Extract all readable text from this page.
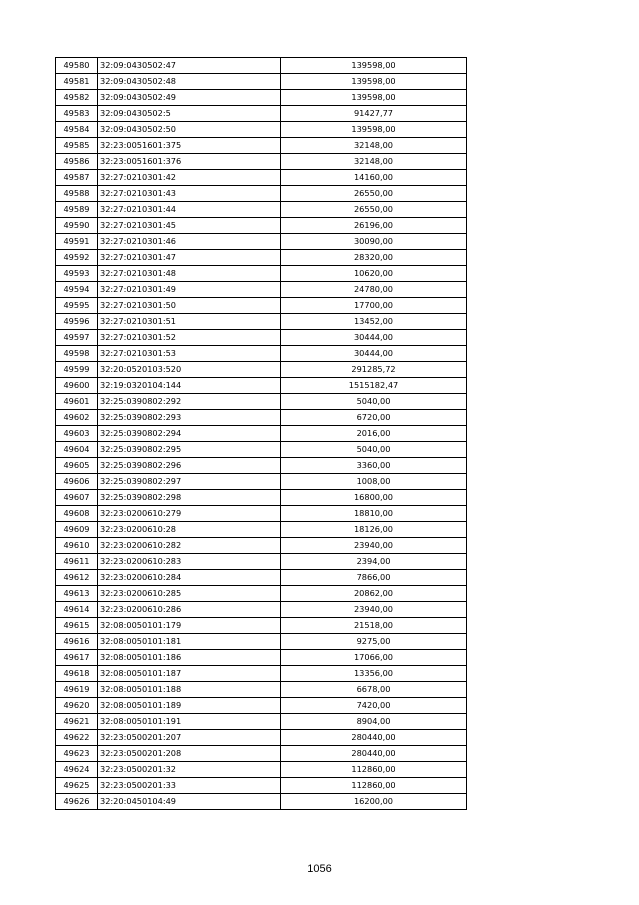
49580	32:09:0430502:47	139598,00
49581	32:09:0430502:48	139598,00
49582	32:09:0430502:49	139598,00
49583	32:09:0430502:5	91427,77
49584	32:09:0430502:50	139598,00
49585	32:23:0051601:375	32148,00
49586	32:23:0051601:376	32148,00
49587	32:27:0210301:42	14160,00
49588	32:27:0210301:43	26550,00
49589	32:27:0210301:44	26550,00
49590	32:27:0210301:45	26196,00
49591	32:27:0210301:46	30090,00
49592	32:27:0210301:47	28320,00
49593	32:27:0210301:48	10620,00
49594	32:27:0210301:49	24780,00
49595	32:27:0210301:50	17700,00
49596	32:27:0210301:51	13452,00
49597	32:27:0210301:52	30444,00
49598	32:27:0210301:53	30444,00
49599	32:20:0520103:520	291285,72
49600	32:19:0320104:144	1515182,47
49601	32:25:0390802:292	5040,00
49602	32:25:0390802:293	6720,00
49603	32:25:0390802:294	2016,00
49604	32:25:0390802:295	5040,00
49605	32:25:0390802:296	3360,00
49606	32:25:0390802:297	1008,00
49607	32:25:0390802:298	16800,00
49608	32:23:0200610:279	18810,00
49609	32:23:0200610:28	18126,00
49610	32:23:0200610:282	23940,00
49611	32:23:0200610:283	2394,00
49612	32:23:0200610:284	7866,00
49613	32:23:0200610:285	20862,00
49614	32:23:0200610:286	23940,00
49615	32:08:0050101:179	21518,00
49616	32:08:0050101:181	9275,00
49617	32:08:0050101:186	17066,00
49618	32:08:0050101:187	13356,00
49619	32:08:0050101:188	6678,00
49620	32:08:0050101:189	7420,00
49621	32:08:0050101:191	8904,00
49622	32:23:0500201:207	280440,00
49623	32:23:0500201:208	280440,00
49624	32:23:0500201:32	112860,00
49625	32:23:0500201:33	112860,00
49626	32:20:0450104:49	16200,00
1056
